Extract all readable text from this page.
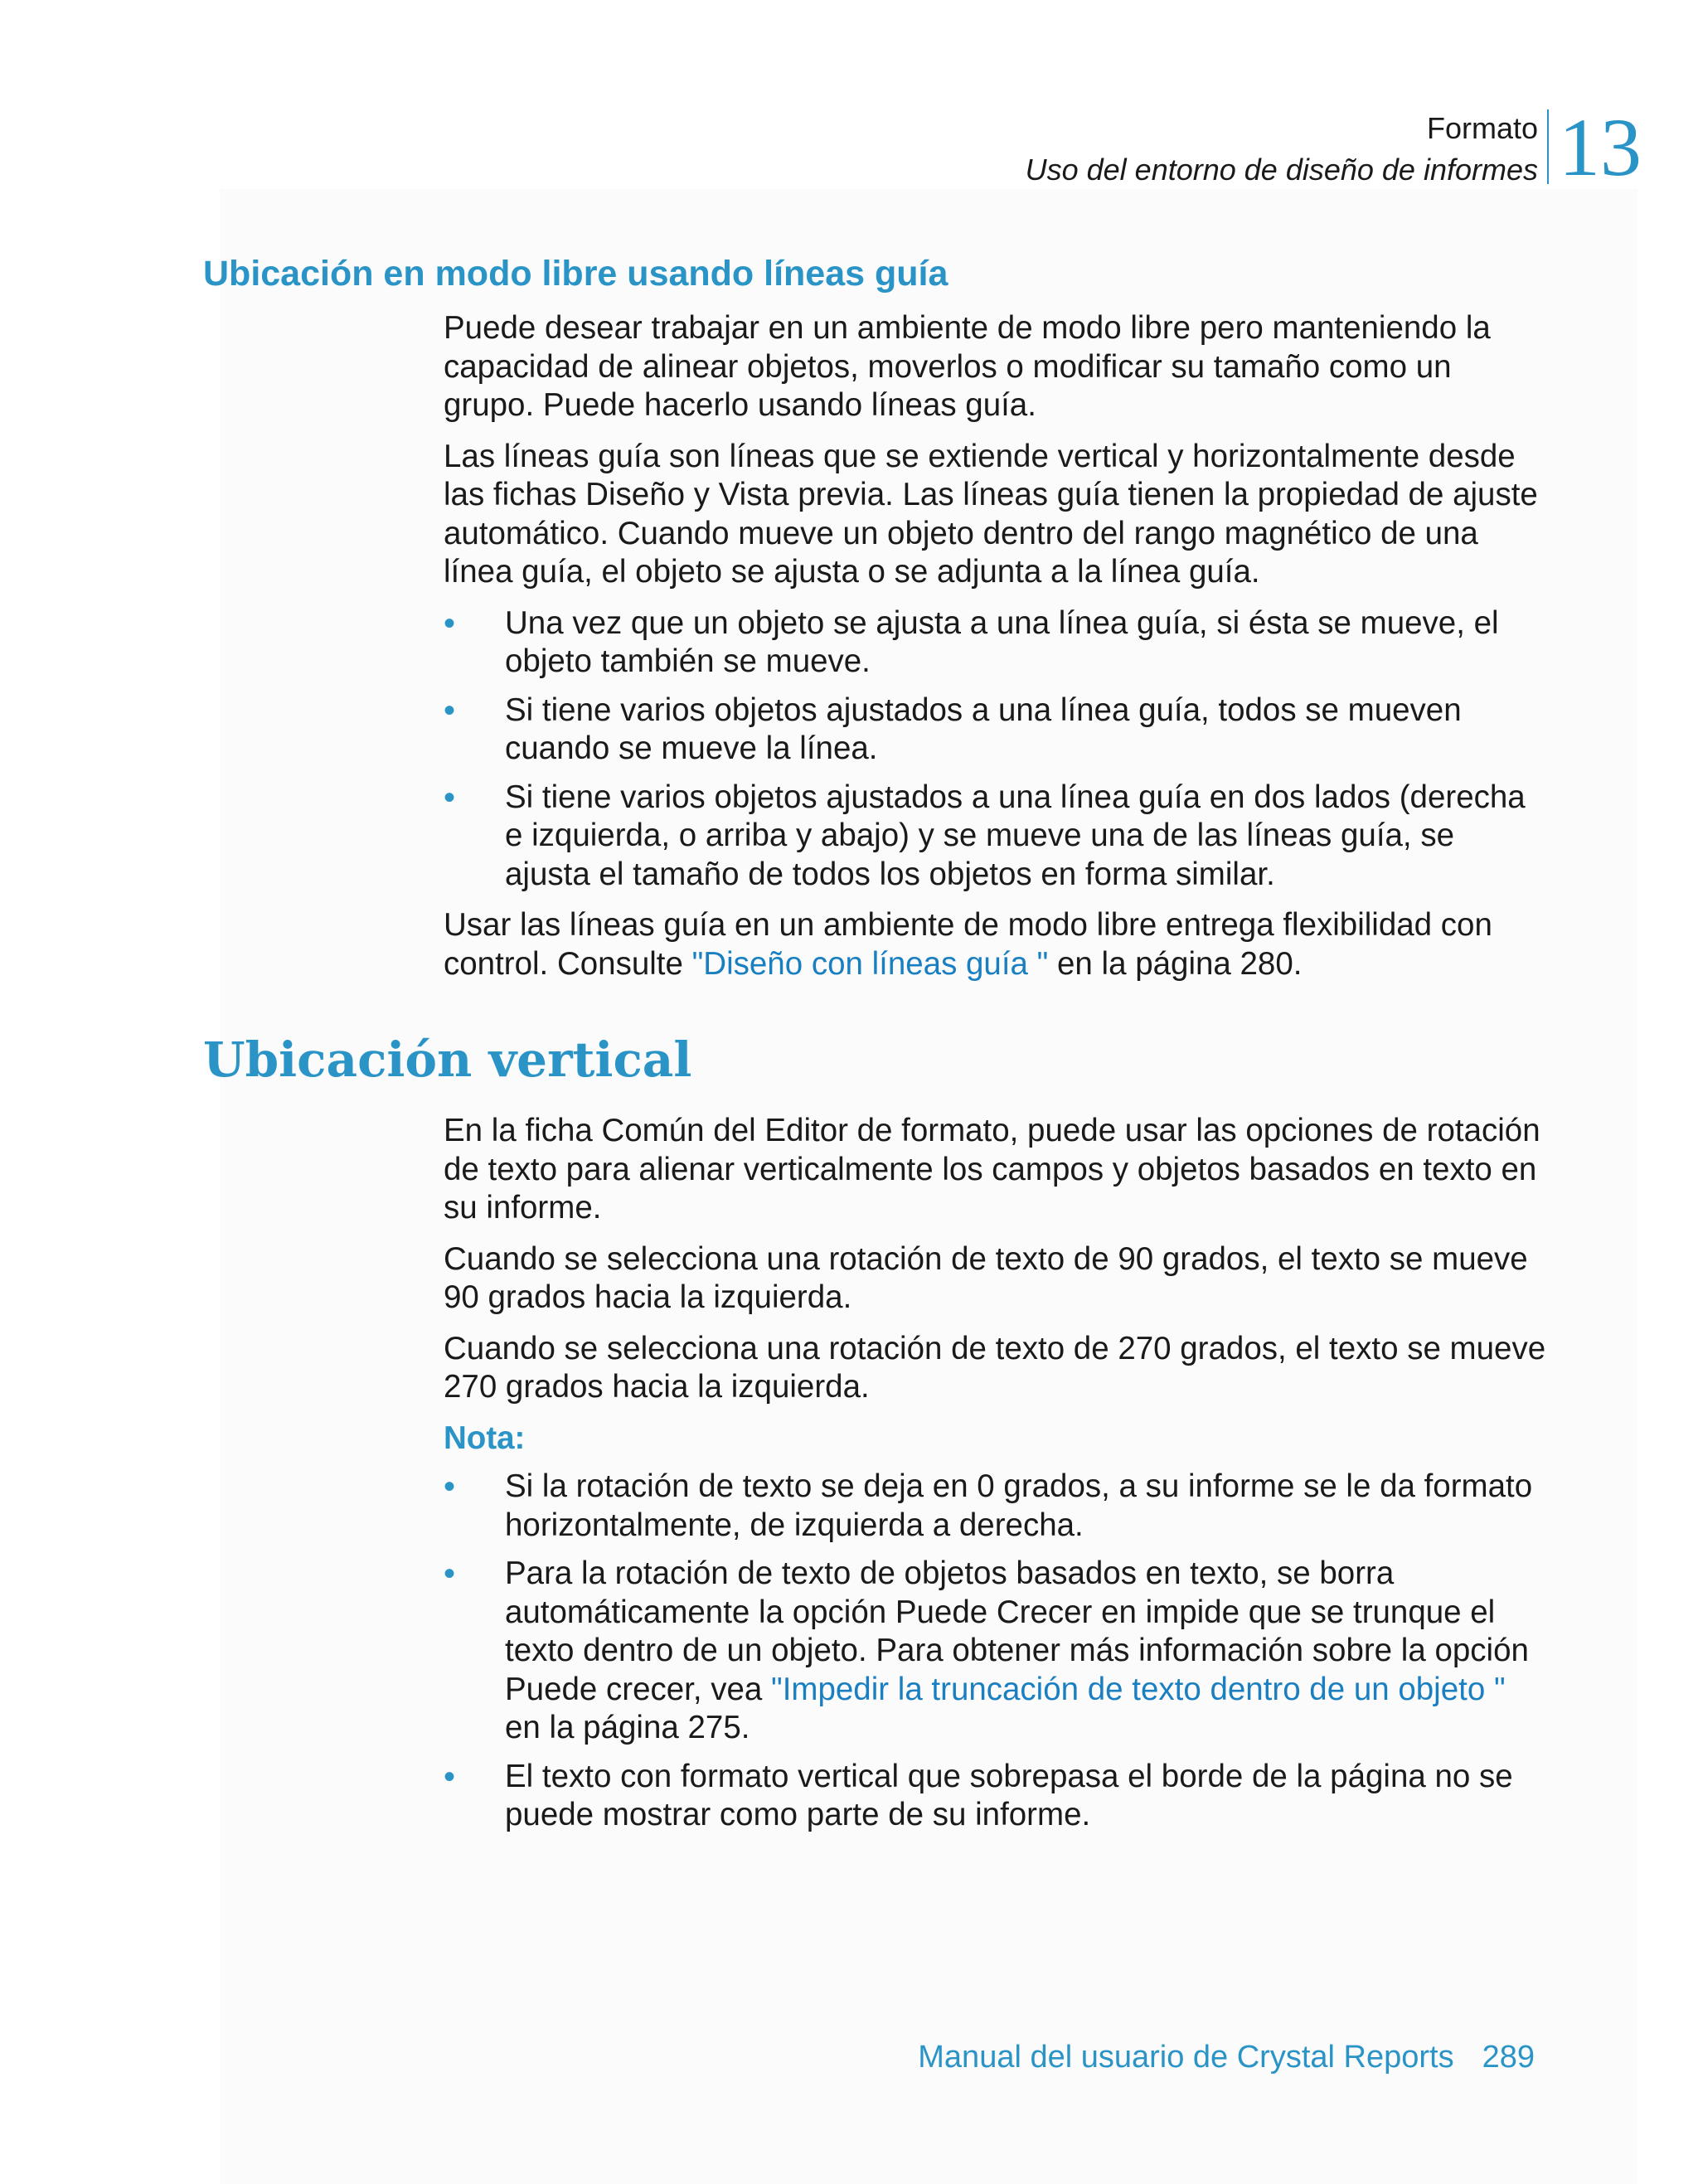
Formato
Uso del entorno de diseño de informes 13
Ubicación en modo libre usando líneas guía

Puede desear trabajar en un ambiente de modo libre pero manteniendo la capacidad de alinear objetos, moverlos o modificar su tamaño como un grupo. Puede hacerlo usando líneas guía.

Las líneas guía son líneas que se extiende vertical y horizontalmente desde las fichas Diseño y Vista previa. Las líneas guía tienen la propiedad de ajuste automático. Cuando mueve un objeto dentro del rango magnético de una línea guía, el objeto se ajusta o se adjunta a la línea guía.

• Una vez que un objeto se ajusta a una línea guía, si ésta se mueve, el objeto también se mueve.
• Si tiene varios objetos ajustados a una línea guía, todos se mueven cuando se mueve la línea.
• Si tiene varios objetos ajustados a una línea guía en dos lados (derecha e izquierda, o arriba y abajo) y se mueve una de las líneas guía, se ajusta el tamaño de todos los objetos en forma similar.

Usar las líneas guía en un ambiente de modo libre entrega flexibilidad con control. Consulte "Diseño con líneas guía " en la página 280.

Ubicación vertical

En la ficha Común del Editor de formato, puede usar las opciones de rotación de texto para alienar verticalmente los campos y objetos basados en texto en su informe.

Cuando se selecciona una rotación de texto de 90 grados, el texto se mueve 90 grados hacia la izquierda.

Cuando se selecciona una rotación de texto de 270 grados, el texto se mueve 270 grados hacia la izquierda.

Nota:

• Si la rotación de texto se deja en 0 grados, a su informe se le da formato horizontalmente, de izquierda a derecha.
• Para la rotación de texto de objetos basados en texto, se borra automáticamente la opción Puede Crecer en impide que se trunque el texto dentro de un objeto. Para obtener más información sobre la opción Puede crecer, vea "Impedir la truncación de texto dentro de un objeto " en la página 275.
• El texto con formato vertical que sobrepasa el borde de la página no se puede mostrar como parte de su informe.
Manual del usuario de Crystal Reports 289
